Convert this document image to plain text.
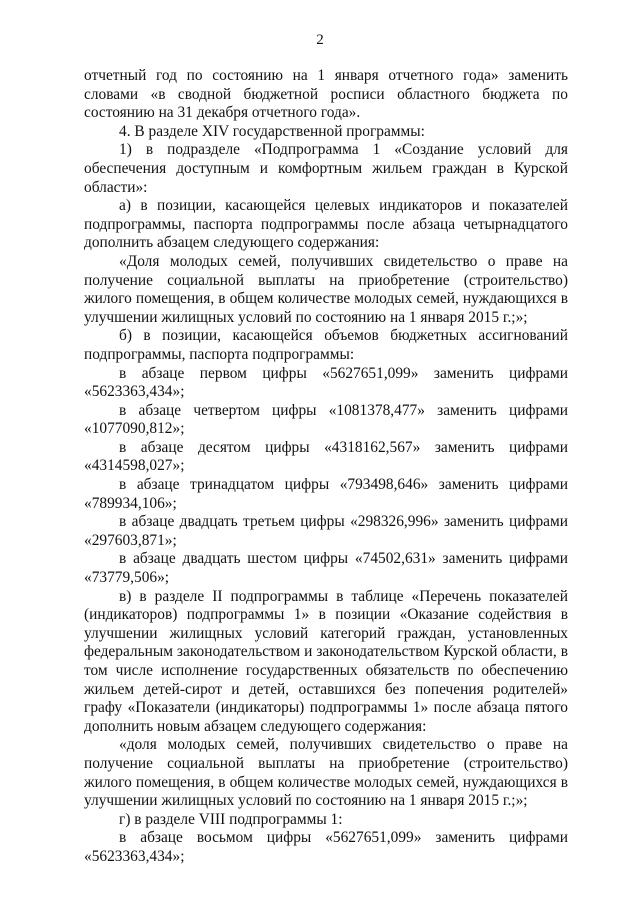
2

отчетный год по состоянию на 1 января отчетного года» заменить словами «в сводной бюджетной росписи областного бюджета по состоянию на 31 декабря отчетного года».

4. В разделе XIV государственной программы:

1) в подразделе «Подпрограмма 1 «Создание условий для обеспечения доступным и комфортным жильем граждан в Курской области»:

а) в позиции, касающейся целевых индикаторов и показателей подпрограммы, паспорта подпрограммы после абзаца четырнадцатого дополнить абзацем следующего содержания:

«Доля молодых семей, получивших свидетельство о праве на получение социальной выплаты на приобретение (строительство) жилого помещения, в общем количестве молодых семей, нуждающихся в улучшении жилищных условий по состоянию на 1 января 2015 г.;»;

б) в позиции, касающейся объемов бюджетных ассигнований подпрограммы, паспорта подпрограммы:

в абзаце первом цифры «5627651,099» заменить цифрами «5623363,434»;

в абзаце четвертом цифры «1081378,477» заменить цифрами «1077090,812»;

в абзаце десятом цифры «4318162,567» заменить цифрами «4314598,027»;

в абзаце тринадцатом цифры «793498,646» заменить цифрами «789934,106»;

в абзаце двадцать третьем цифры «298326,996» заменить цифрами «297603,871»;

в абзаце двадцать шестом цифры «74502,631» заменить цифрами «73779,506»;

в) в разделе II подпрограммы в таблице «Перечень показателей (индикаторов) подпрограммы 1» в позиции «Оказание содействия в улучшении жилищных условий категорий граждан, установленных федеральным законодательством и законодательством Курской области, в том числе исполнение государственных обязательств по обеспечению жильем детей-сирот и детей, оставшихся без попечения родителей» графу «Показатели (индикаторы) подпрограммы 1» после абзаца пятого дополнить новым абзацем следующего содержания:

«доля молодых семей, получивших свидетельство о праве на получение социальной выплаты на приобретение (строительство) жилого помещения, в общем количестве молодых семей, нуждающихся в улучшении жилищных условий по состоянию на 1 января 2015 г.;»;

г) в разделе VIII подпрограммы 1:

в абзаце восьмом цифры «5627651,099» заменить цифрами «5623363,434»;
